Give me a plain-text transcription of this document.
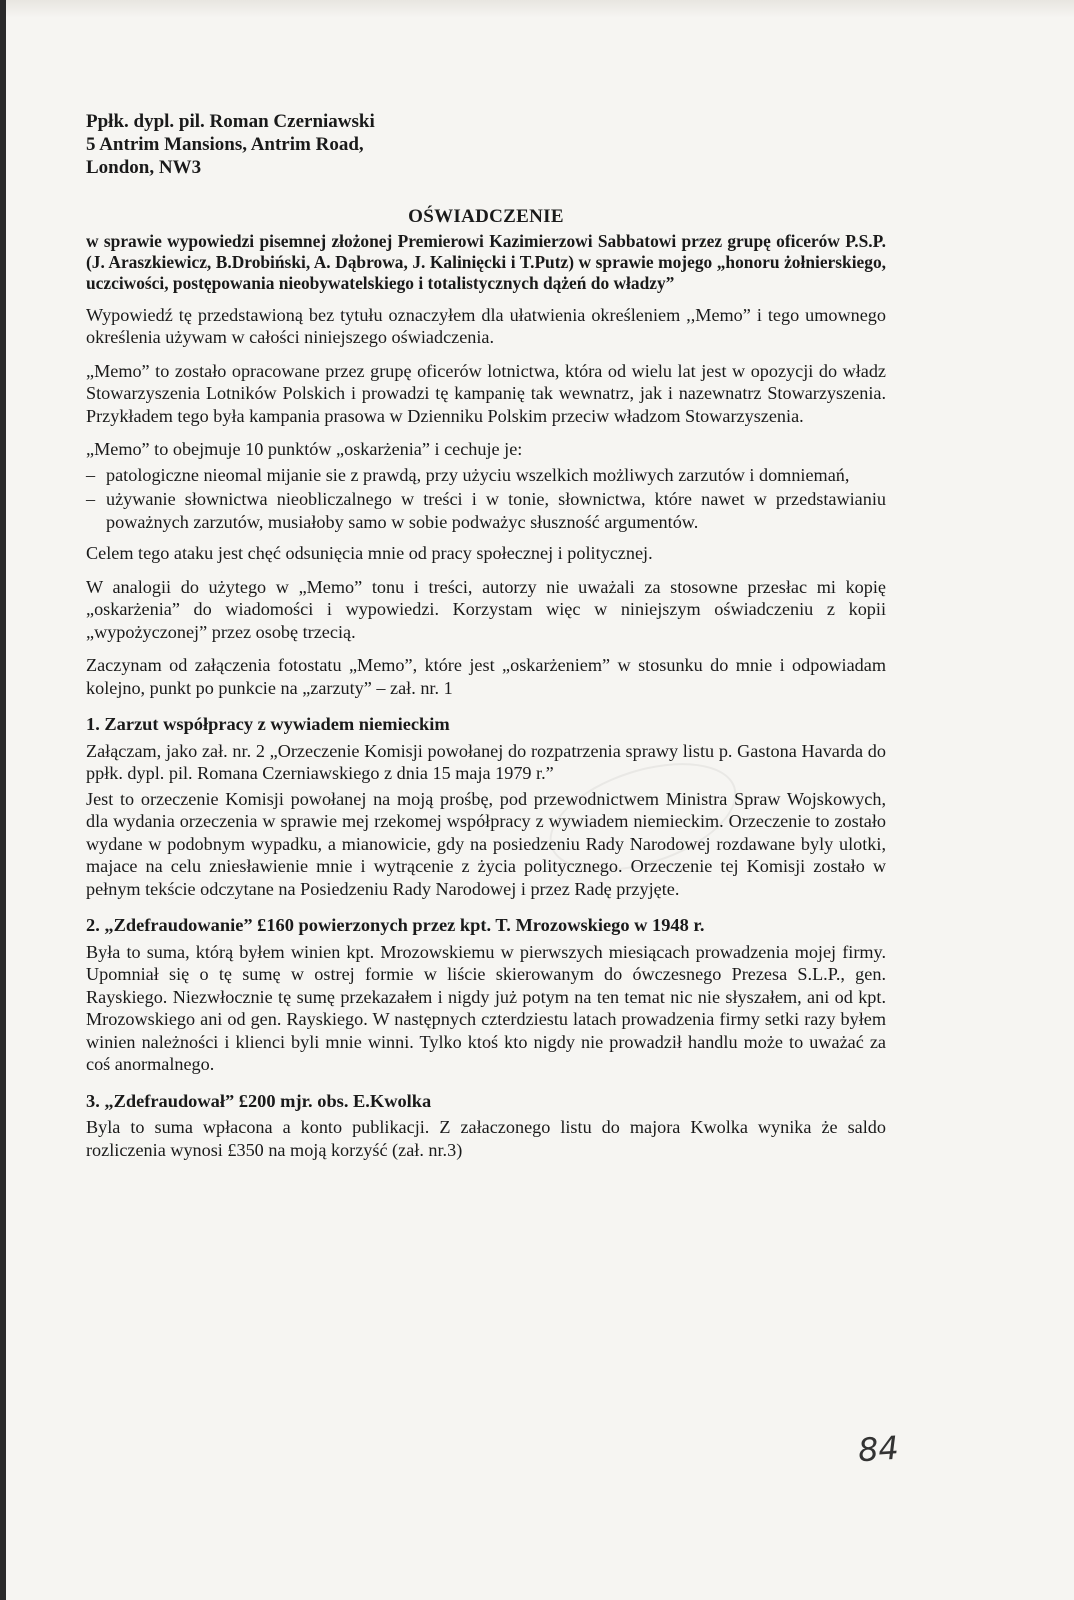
Ppłk. dypl. pil. Roman Czerniawski
5 Antrim Mansions, Antrim Road,
London, NW3
OŚWIADCZENIE
w sprawie wypowiedzi pisemnej złożonej Premierowi Kazimierzowi Sabbatowi przez grupę oficerów P.S.P. (J. Araszkiewicz, B.Drobiński, A. Dąbrowa, J. Kalinięcki i T.Putz) w sprawie mojego „honoru żołnierskiego, uczciwości, postępowania nieobywatelskiego i totalistycznych dążeń do władzy”

Wypowiedź tę przedstawioną bez tytułu oznaczyłem dla ułatwienia określeniem ,,Memo” i tego umownego określenia używam w całości niniejszego oświadczenia.

„Memo” to zostało opracowane przez grupę oficerów lotnictwa, która od wielu lat jest w opozycji do władz Stowarzyszenia Lotników Polskich i prowadzi tę kampanię tak wewnatrz, jak i nazewnatrz Stowarzyszenia. Przykładem tego była kampania prasowa w Dzienniku Polskim przeciw władzom Stowarzyszenia.

„Memo” to obejmuje 10 punktów „oskarżenia” i cechuje je:

– patologiczne nieomal mijanie sie z prawdą, przy użyciu wszelkich możliwych zarzutów i domniemań,
– używanie słownictwa nieobliczalnego w treści i w tonie, słownictwa, które nawet w przedstawianiu poważnych zarzutów, musiałoby samo w sobie podważyc słuszność argumentów.

Celem tego ataku jest chęć odsunięcia mnie od pracy społecznej i politycznej.

W analogii do użytego w „Memo” tonu i treści, autorzy nie uważali za stosowne przesłac mi kopię „oskarżenia” do wiadomości i wypowiedzi. Korzystam więc w niniejszym oświadczeniu z kopii „wypożyczonej” przez osobę trzecią.

Zaczynam od załączenia fotostatu „Memo”, które jest „oskarżeniem” w stosunku do mnie i odpowiadam kolejno, punkt po punkcie na „zarzuty” – zał. nr. 1

1. Zarzut współpracy z wywiadem niemieckim

Załączam, jako zał. nr. 2 „Orzeczenie Komisji powołanej do rozpatrzenia sprawy listu p. Gastona Havarda do ppłk. dypl. pil. Romana Czerniawskiego z dnia 15 maja 1979 r.”

Jest to orzeczenie Komisji powołanej na moją prośbę, pod przewodnictwem Ministra Spraw Wojskowych, dla wydania orzeczenia w sprawie mej rzekomej współpracy z wywiadem niemieckim. Orzeczenie to zostało wydane w podobnym wypadku, a mianowicie, gdy na posiedzeniu Rady Narodowej rozdawane byly ulotki, majace na celu zniesławienie mnie i wytrącenie z życia politycznego. Orzeczenie tej Komisji zostało w pełnym tekście odczytane na Posiedzeniu Rady Narodowej i przez Radę przyjęte.

2. „Zdefraudowanie” £160 powierzonych przez kpt. T. Mrozowskiego w 1948 r.

Była to suma, którą byłem winien kpt. Mrozowskiemu w pierwszych miesiącach prowadzenia mojej firmy. Upomniał się o tę sumę w ostrej formie w liście skierowanym do ówczesnego Prezesa S.L.P., gen. Rayskiego. Niezwłocznie tę sumę przekazałem i nigdy już potym na ten temat nic nie słyszałem, ani od kpt. Mrozowskiego ani od gen. Rayskiego. W następnych czterdziestu latach prowadzenia firmy setki razy byłem winien należności i klienci byli mnie winni. Tylko ktoś kto nigdy nie prowadził handlu może to uważać za coś anormalnego.

3. „Zdefraudował” £200 mjr. obs. E.Kwolka

Byla to suma wpłacona a konto publikacji. Z załaczonego listu do majora Kwolka wynika że saldo rozliczenia wynosi £350 na moją korzyść (zał. nr.3)

84
